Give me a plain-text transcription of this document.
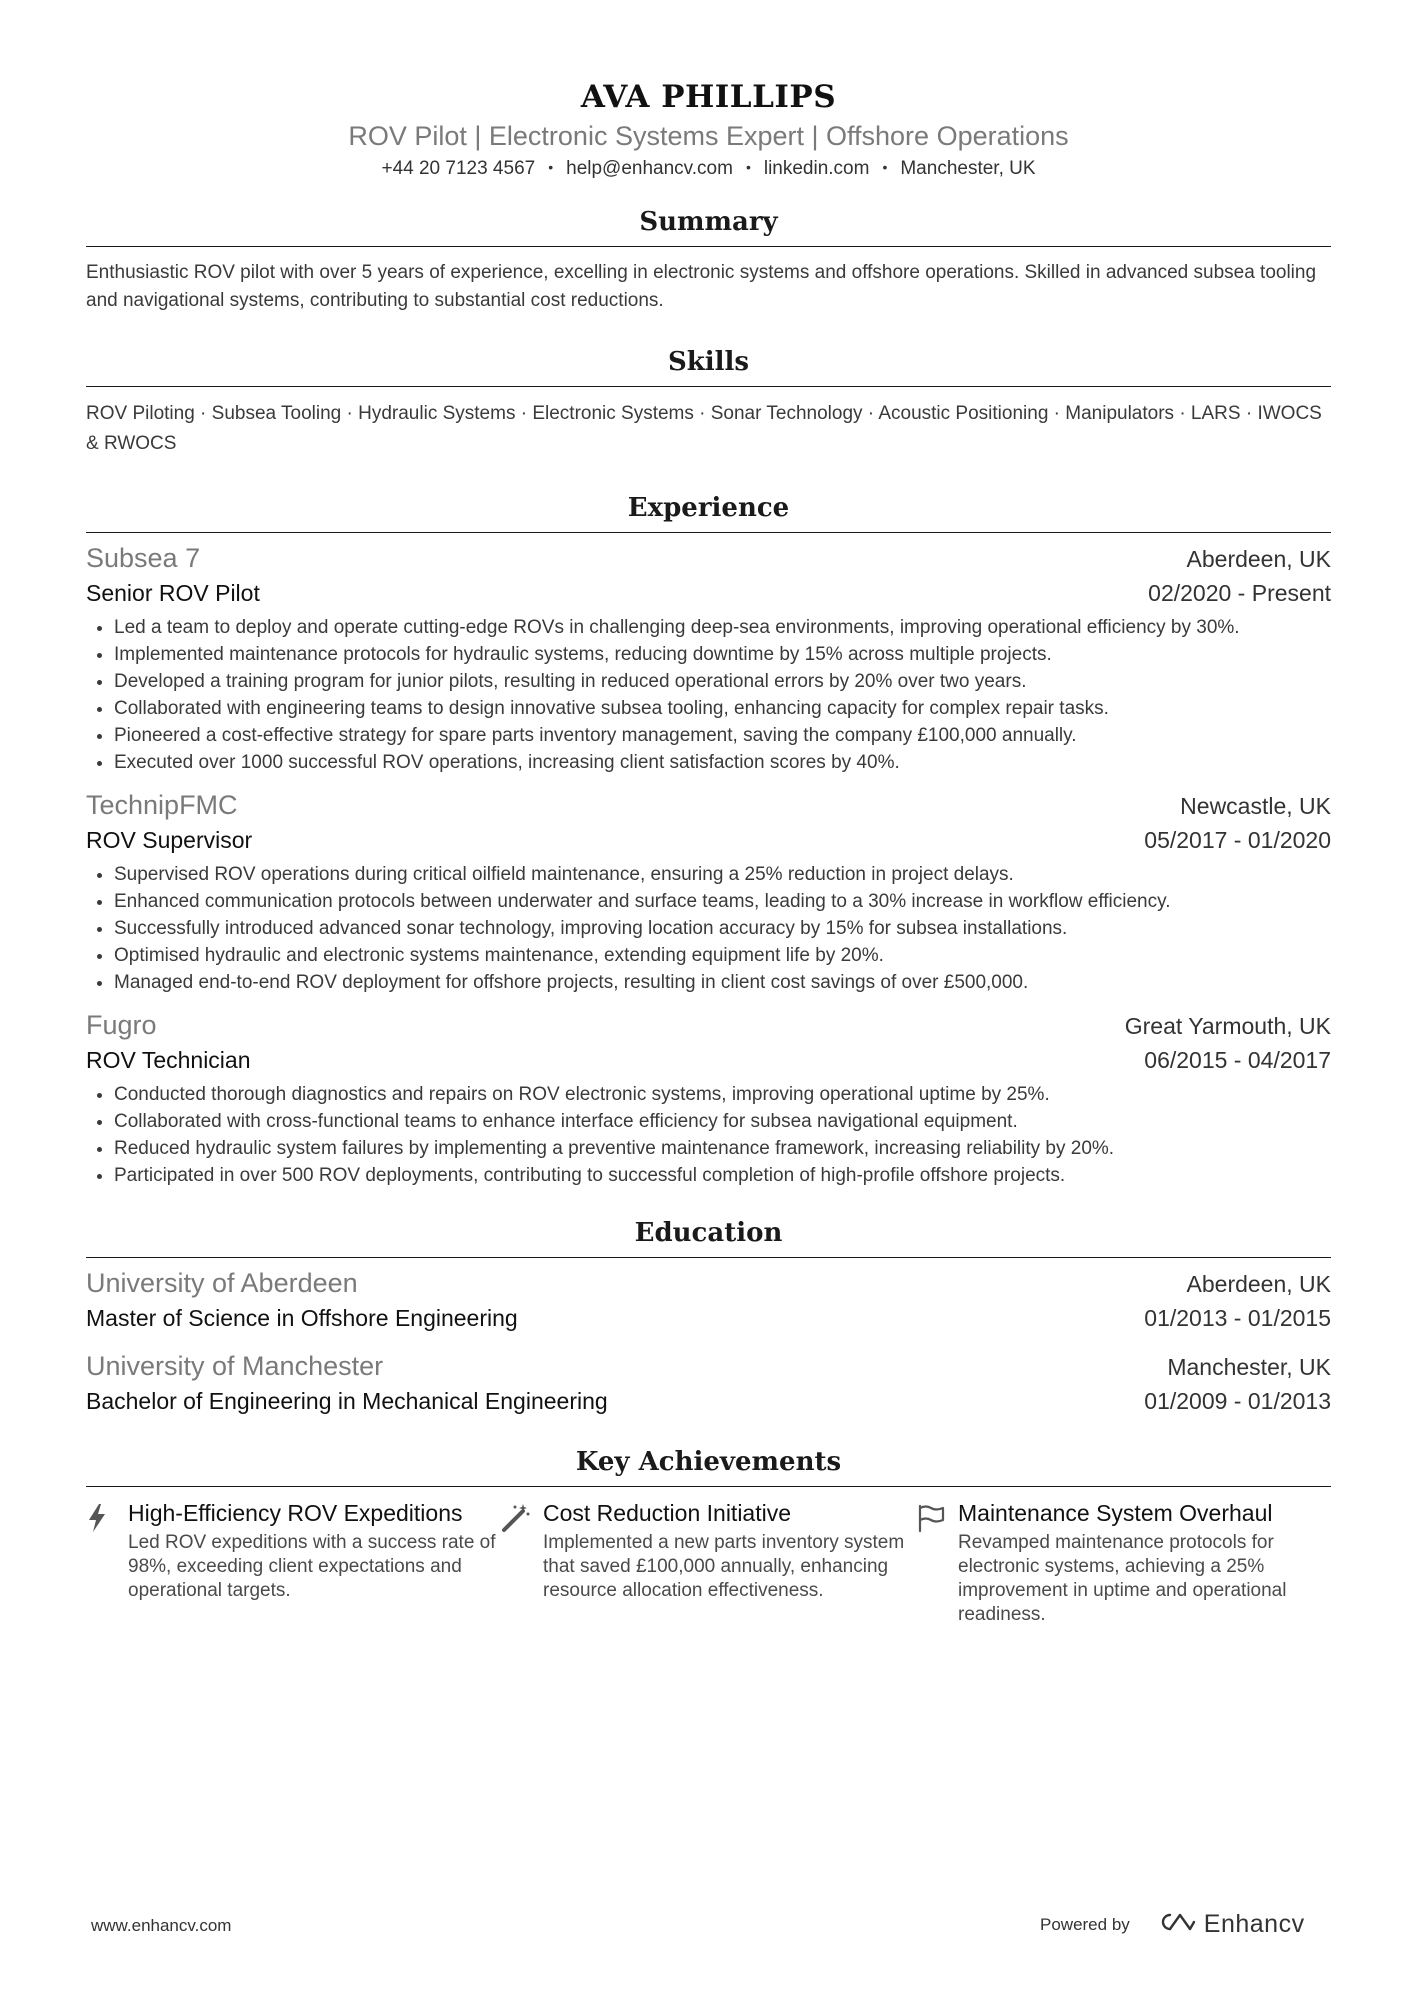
AVA PHILLIPS
ROV Pilot | Electronic Systems Expert | Offshore Operations
+44 20 7123 4567 • help@enhancv.com • linkedin.com • Manchester, UK
Summary
Enthusiastic ROV pilot with over 5 years of experience, excelling in electronic systems and offshore operations. Skilled in advanced subsea tooling and navigational systems, contributing to substantial cost reductions.
Skills
ROV Piloting · Subsea Tooling · Hydraulic Systems · Electronic Systems · Sonar Technology · Acoustic Positioning · Manipulators · LARS · IWOCS & RWOCS
Experience
Subsea 7	Aberdeen, UK
Senior ROV Pilot	02/2020 - Present
• Led a team to deploy and operate cutting-edge ROVs in challenging deep-sea environments, improving operational efficiency by 30%.
• Implemented maintenance protocols for hydraulic systems, reducing downtime by 15% across multiple projects.
• Developed a training program for junior pilots, resulting in reduced operational errors by 20% over two years.
• Collaborated with engineering teams to design innovative subsea tooling, enhancing capacity for complex repair tasks.
• Pioneered a cost-effective strategy for spare parts inventory management, saving the company £100,000 annually.
• Executed over 1000 successful ROV operations, increasing client satisfaction scores by 40%.
TechnipFMC	Newcastle, UK
ROV Supervisor	05/2017 - 01/2020
• Supervised ROV operations during critical oilfield maintenance, ensuring a 25% reduction in project delays.
• Enhanced communication protocols between underwater and surface teams, leading to a 30% increase in workflow efficiency.
• Successfully introduced advanced sonar technology, improving location accuracy by 15% for subsea installations.
• Optimised hydraulic and electronic systems maintenance, extending equipment life by 20%.
• Managed end-to-end ROV deployment for offshore projects, resulting in client cost savings of over £500,000.
Fugro	Great Yarmouth, UK
ROV Technician	06/2015 - 04/2017
• Conducted thorough diagnostics and repairs on ROV electronic systems, improving operational uptime by 25%.
• Collaborated with cross-functional teams to enhance interface efficiency for subsea navigational equipment.
• Reduced hydraulic system failures by implementing a preventive maintenance framework, increasing reliability by 20%.
• Participated in over 500 ROV deployments, contributing to successful completion of high-profile offshore projects.
Education
University of Aberdeen	Aberdeen, UK
Master of Science in Offshore Engineering	01/2013 - 01/2015
University of Manchester	Manchester, UK
Bachelor of Engineering in Mechanical Engineering	01/2009 - 01/2013
Key Achievements
High-Efficiency ROV Expeditions
Led ROV expeditions with a success rate of 98%, exceeding client expectations and operational targets.
Cost Reduction Initiative
Implemented a new parts inventory system that saved £100,000 annually, enhancing resource allocation effectiveness.
Maintenance System Overhaul
Revamped maintenance protocols for electronic systems, achieving a 25% improvement in uptime and operational readiness.
www.enhancv.com	Powered by	Enhancv
